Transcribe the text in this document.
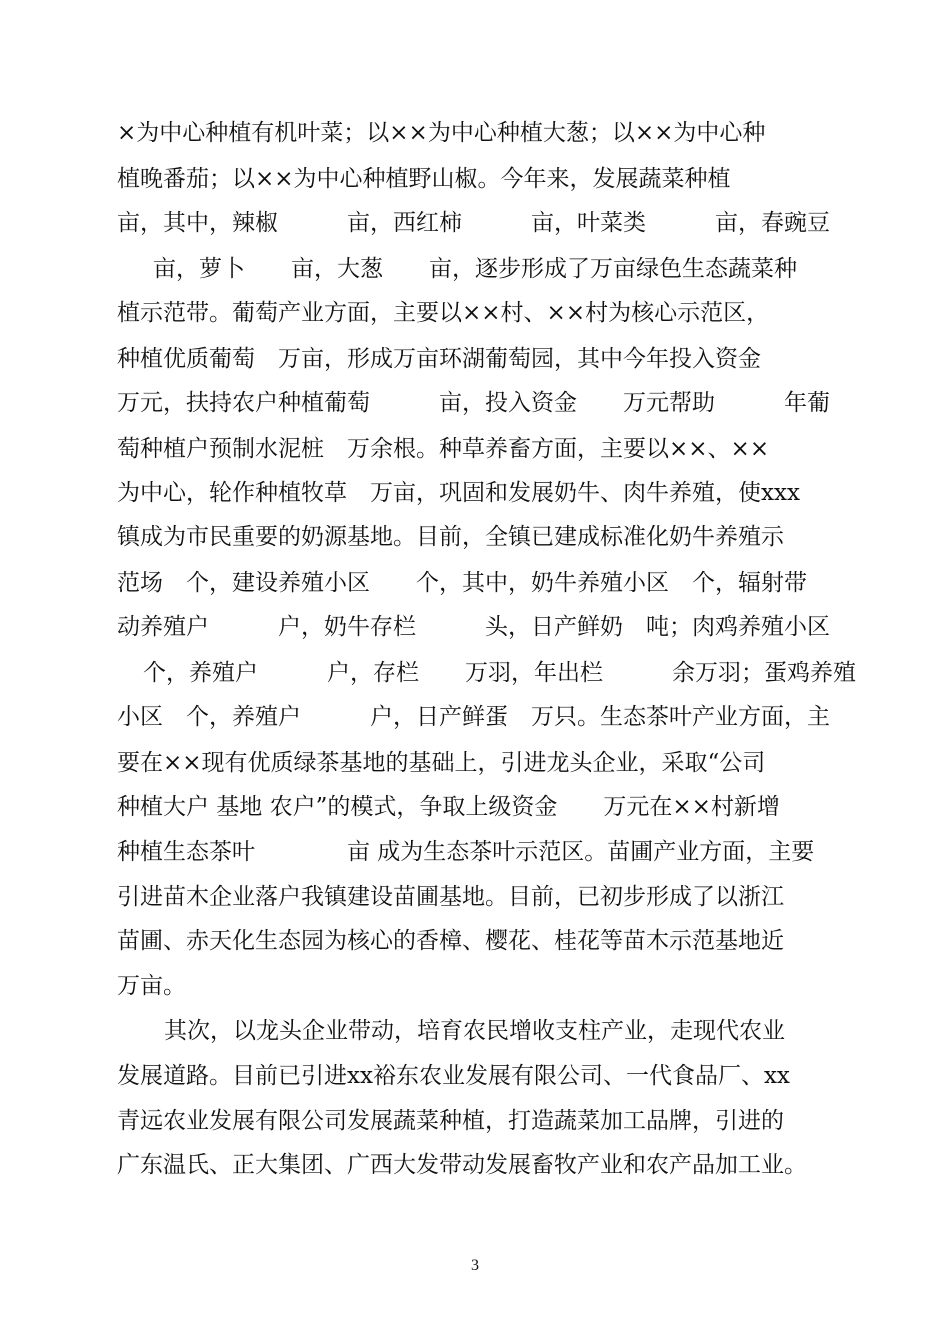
×为中心种植有机叶菜；以××为中心种植大葱；以××为中心种
植晚番茄；以××为中心种植野山椒。今年来，发展蔬菜种植
亩，其中，辣椒　　　亩，西红柿　　　亩，叶菜类　　　亩，春豌豆
　亩，萝卜　　亩，大葱　　亩，逐步形成了万亩绿色生态蔬菜种
植示范带。葡萄产业方面，主要以××村、××村为核心示范区，
种植优质葡萄　万亩，形成万亩环湖葡萄园，其中今年投入资金
万元，扶持农户种植葡萄　　　亩，投入资金　　万元帮助　　　年葡
萄种植户预制水泥桩　万余根。种草养畜方面，主要以××、××
为中心，轮作种植牧草　万亩，巩固和发展奶牛、肉牛养殖，使xxx
镇成为市民重要的奶源基地。目前，全镇已建成标准化奶牛养殖示
范场　个，建设养殖小区　　个，其中，奶牛养殖小区　个，辐射带
动养殖户　　　户，奶牛存栏　　　头，日产鲜奶　吨；肉鸡养殖小区
个，养殖户　　　户，存栏　　万羽，年出栏　　　余万羽；蛋鸡养殖
小区　个，养殖户　　　户，日产鲜蛋　万只。生态茶叶产业方面，主
要在××现有优质绿茶基地的基础上，引进龙头企业，采取“公司
种植大户 基地 农户”的模式，争取上级资金　　万元在××村新增
种植生态茶叶　　　　亩 成为生态茶叶示范区。苗圃产业方面，主要
引进苗木企业落户我镇建设苗圃基地。目前，已初步形成了以浙江
苗圃、赤天化生态园为核心的香樟、樱花、桂花等苗木示范基地近
万亩。
其次，以龙头企业带动，培育农民增收支柱产业，走现代农业
发展道路。目前已引进xx裕东农业发展有限公司、一代食品厂、xx
青远农业发展有限公司发展蔬菜种植，打造蔬菜加工品牌，引进的
广东温氏、正大集团、广西大发带动发展畜牧产业和农产品加工业。
3
